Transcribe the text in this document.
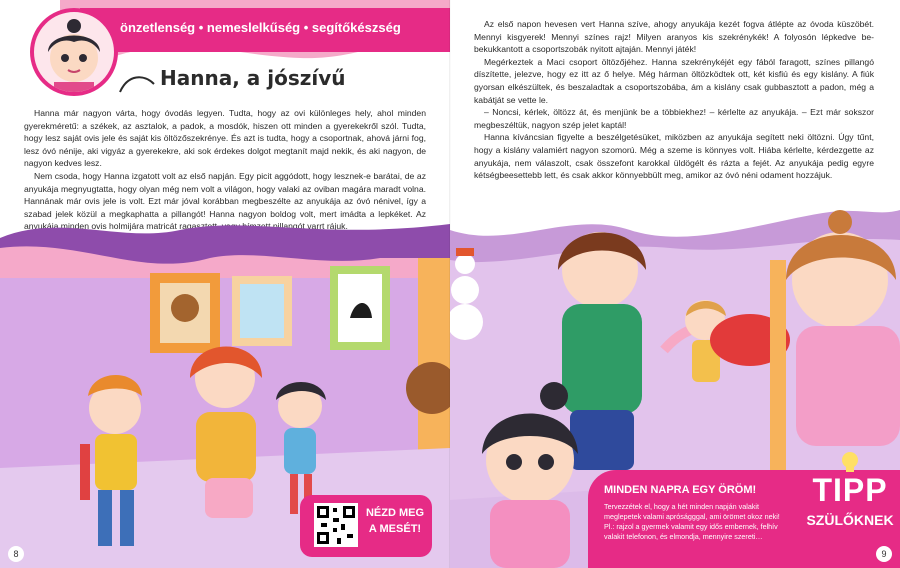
önzetlenség • nemeslelkűség • segítőkészség
Hanna, a jószívű

Hanna már nagyon várta, hogy óvodás legyen. Tudta, hogy az ovi különleges hely, ahol minden gyerekméretű: a székek, az asztalok, a padok, a mosdók, hiszen ott minden a gyerekekről szól. Tudta, hogy lesz saját ovis jele és saját kis öltözőszekrénye. És azt is tudta, hogy a csoportnak, ahová járni fog, lesz óvó nénije, aki vigyáz a gyerekekre, aki sok érdekes dolgot megtanít majd nekik, és aki nagyon, de nagyon kedves lesz.

Nem csoda, hogy Hanna izgatott volt az első napján. Egy picit aggódott, hogy lesznek-e barátai, de az anyukája megnyugtatta, hogy olyan még nem volt a világon, hogy valaki az oviban magára maradt volna. Hannának már ovis jele is volt. Ezt már jóval korábban megbeszélte az anyukája az óvó nénivel, így a szabad jelek közül a megkaphatta a pillangót! Hanna nagyon boldog volt, mert imádta a lepkéket. Az anyukája minden ovis holmijára matricát ragasztott, vagy hímzett pillangót varrt rájuk.

NÉZD MEG A MESÉT!
8

Az első napon hevesen vert Hanna szíve, ahogy anyukája kezét fogva átlépte az óvoda küszöbét. Mennyi kisgyerek! Mennyi színes rajz! Milyen aranyos kis szekrénykék! A folyosón lépkedve be-bekukkantott a csoportszobák nyitott ajtaján. Mennyi játék!

Megérkeztek a Maci csoport öltözőjéhez. Hanna szekrénykéjét egy fából faragott, színes pillangó díszítette, jelezve, hogy ez itt az ő helye. Még hárman öltözködtek ott, két kisfiú és egy kislány. A fiúk gyorsan elkészültek, és beszaladtak a csoportszobába, ám a kislány csak gubbasztott a padon, még a kabátját se vette le.

– Noncsi, kérlek, öltözz át, és menjünk be a többiekhez! – kérlelte az anyukája. – Ezt már sokszor megbeszéltük, nagyon szép jelet kaptál!

Hanna kíváncsian figyelte a beszélgetésüket, miközben az anyukája segített neki öltözni. Úgy tűnt, hogy a kislány valamiért nagyon szomorú. Még a szeme is könnyes volt. Hiába kérlelte, kérdezgette az anyukája, nem válaszolt, csak összefont karokkal üldögélt és rázta a fejét. Az anyukája pedig egyre kétségbeesettebb lett, és csak akkor könnyebbült meg, amikor az óvó néni odament hozzájuk.

MINDEN NAPRA EGY ÖRÖM!
Tervezzétek el, hogy a hét minden napján valakit meglepetek valami apróságggal, ami örömet okoz neki! Pl.: rajzol a gyermek valamit egy idős embernek, felhív valakit telefonon, és elmondja, mennyire szereti…
TIPP
SZÜLŐKNEK
9
